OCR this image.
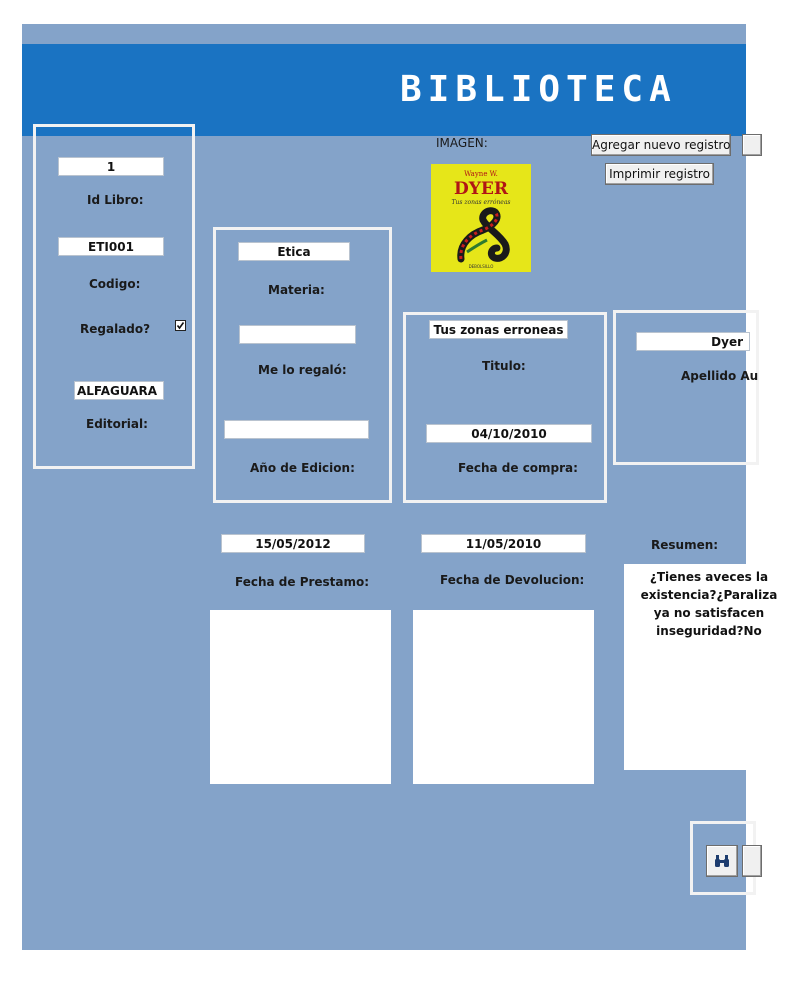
BIBLIOTECA
IMAGEN:	Agregar nuevo registro
Imprimir registro
Wayne W.
DYER
Tus zonas erróneas
DEBOLSILLO
1
Id Libro:
ETI001
Codigo:
Regalado?
ALFAGUARA
Editorial:
Etica
Materia:
Me lo regaló:
Año de Edicion:
Tus zonas erroneas
Titulo:
04/10/2010
Fecha de compra:
Dyer
Apellido Au
15/05/2012
Fecha de Prestamo:
11/05/2010
Fecha de Devolucion:
Resumen:
¿Tienes aveces la
existencia?¿Paraliza
ya no satisfacen
inseguridad?No
